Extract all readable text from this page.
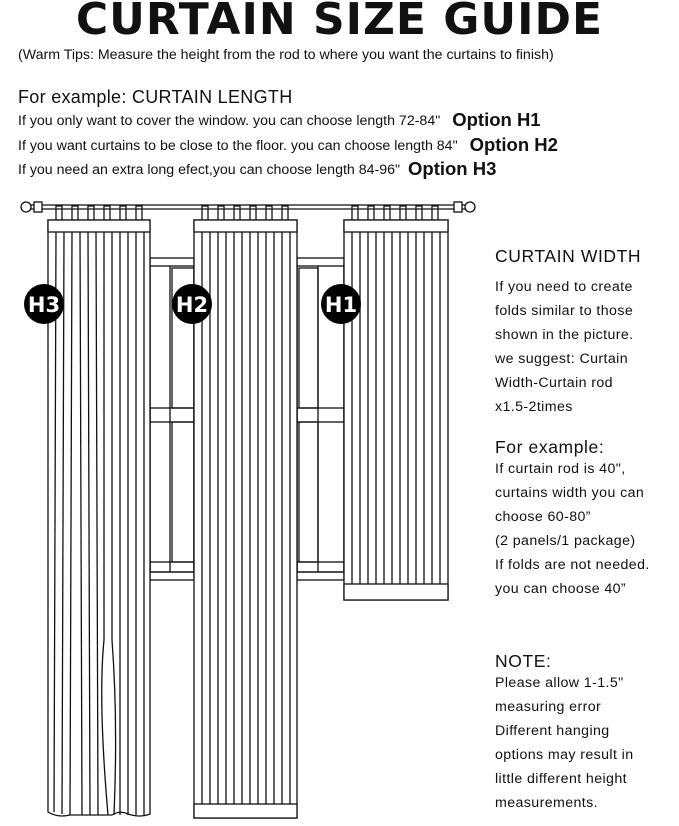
CURTAIN SIZE GUIDE
(Warm Tips: Measure the height from the rod to where you want the curtains to finish)
For example: CURTAIN LENGTH
If you only want to cover the window. you can choose length 72-84" Option H1
If you want curtains to be close to the floor. you can choose length 84" Option H2
If you need an extra long efect,you can choose length 84-96" Option H3
H3	H2	H1
CURTAIN WIDTH

If you need to create

folds similar to those

shown in the picture.

we suggest: Curtain

Width-Curtain rod

x1.5-2times

For example:

If curtain rod is 40",

curtains width you can

choose 60-80”

(2 panels/1 package)

If folds are not needed.

you can choose 40”

NOTE:

Please allow 1-1.5"

measuring error

Different hanging

options may result in

little different height

measurements.
